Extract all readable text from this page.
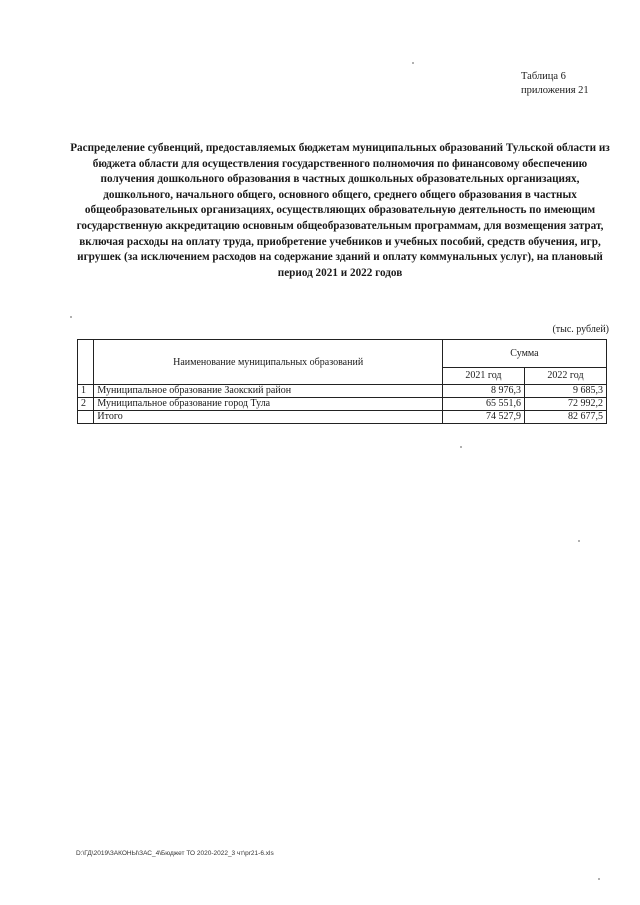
Таблица 6
приложения 21
Распределение субвенций, предоставляемых бюджетам муниципальных образований Тульской области из бюджета области для осуществления государственного полномочия по финансовому обеспечению получения дошкольного образования в частных дошкольных образовательных организациях, дошкольного, начального общего, основного общего, среднего общего образования в частных общеобразовательных организациях, осуществляющих образовательную деятельность по имеющим государственную аккредитацию основным общеобразовательным программам, для возмещения затрат, включая расходы на оплату труда, приобретение учебников и учебных пособий, средств обучения, игр, игрушек (за исключением расходов на содержание зданий и оплату коммунальных услуг), на плановый период 2021 и 2022 годов
(тыс. рублей)
	Наименование муниципальных образований	Сумма	
		2021 год	2022 год
1	Муниципальное образование Заокский район	8 976,3	9 685,3
2	Муниципальное образование город Тула	65 551,6	72 992,2
	Итого	74 527,9	82 677,5
D:\ГД\2019\ЗАКОНЫ\ЗАС_4\Бюджет ТО 2020-2022_3 чт\pr21-6.xls
